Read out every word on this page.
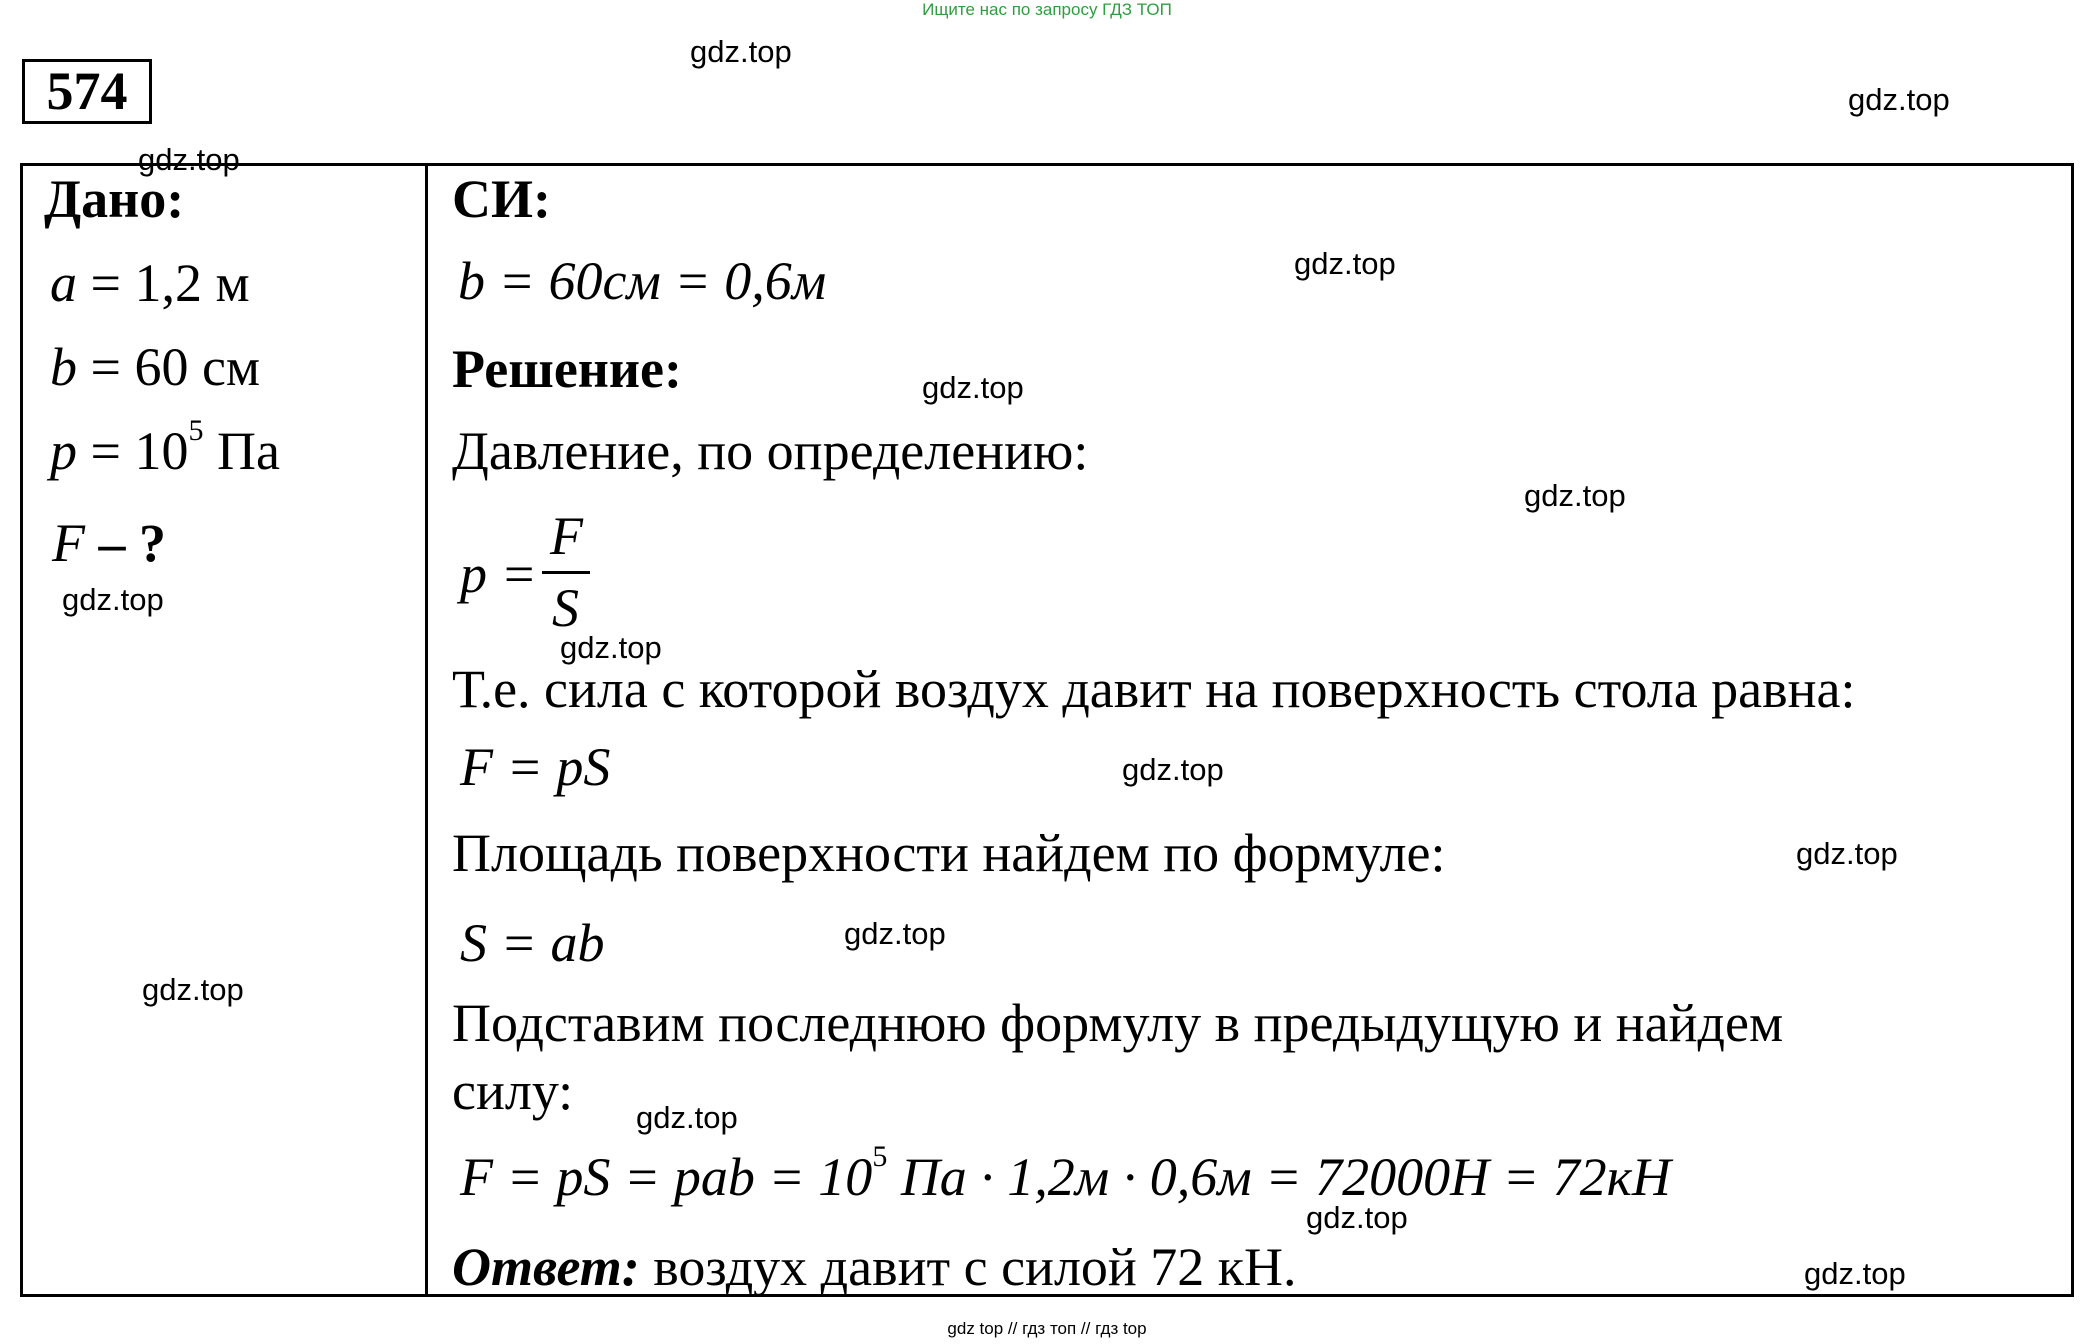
Ищите нас по запросу ГДЗ ТОП
574
Дано:
a = 1,2 м
b = 60 см
$p = 10^5$ Па
F – ?
СИ:
b = 60см = 0,6м
Решение:
Давление, по определению:
p =
F
S
Т.е. сила с которой воздух давит на поверхность стола равна:
F = pS
Площадь поверхности найдем по формуле:
S = ab
Подставим последнюю формулу в предыдущую и найдем
силу:
F = pS = pab = $10^5$ Па · 1,2м · 0,6м = 72000Н = 72кН
Ответ: воздух давит с силой 72 кН.
gdz.top
gdz.top
gdz.top
gdz.top
gdz.top
gdz.top
gdz.top
gdz.top
gdz.top
gdz.top
gdz.top
gdz.top
gdz.top
gdz.top
gdz.top
gdz top // гдз топ // гдз top
